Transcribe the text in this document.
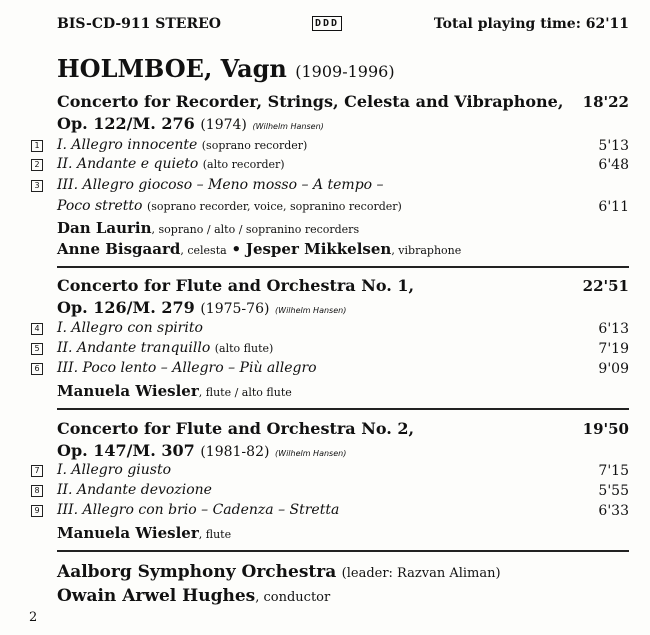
BIS-CD-911 STEREO	DDD	Total playing time: 62'11
HOLMBOE, Vagn (1909-1996)
Concerto for Recorder, Strings, Celesta and Vibraphone, 18'22
Op. 122/M. 276 (1974) (Wilhelm Hansen)
1 I. Allegro innocente (soprano recorder)	5'13
2 II. Andante e quieto (alto recorder)	6'48
3 III. Allegro giocoso – Meno mosso – A tempo –
Poco stretto (soprano recorder, voice, sopranino recorder)	6'11
Dan Laurin, soprano / alto / sopranino recorders
Anne Bisgaard, celesta • Jesper Mikkelsen, vibraphone
Concerto for Flute and Orchestra No. 1,	22'51
Op. 126/M. 279 (1975-76) (Wilhelm Hansen)
4 I. Allegro con spirito	6'13
5 II. Andante tranquillo (alto flute)	7'19
6 III. Poco lento – Allegro – Più allegro	9'09
Manuela Wiesler, flute / alto flute
Concerto for Flute and Orchestra No. 2,	19'50
Op. 147/M. 307 (1981-82) (Wilhelm Hansen)
7 I. Allegro giusto	7'15
8 II. Andante devozione	5'55
9 III. Allegro con brio – Cadenza – Stretta	6'33
Manuela Wiesler, flute
Aalborg Symphony Orchestra (leader: Razvan Aliman)
Owain Arwel Hughes, conductor
2
